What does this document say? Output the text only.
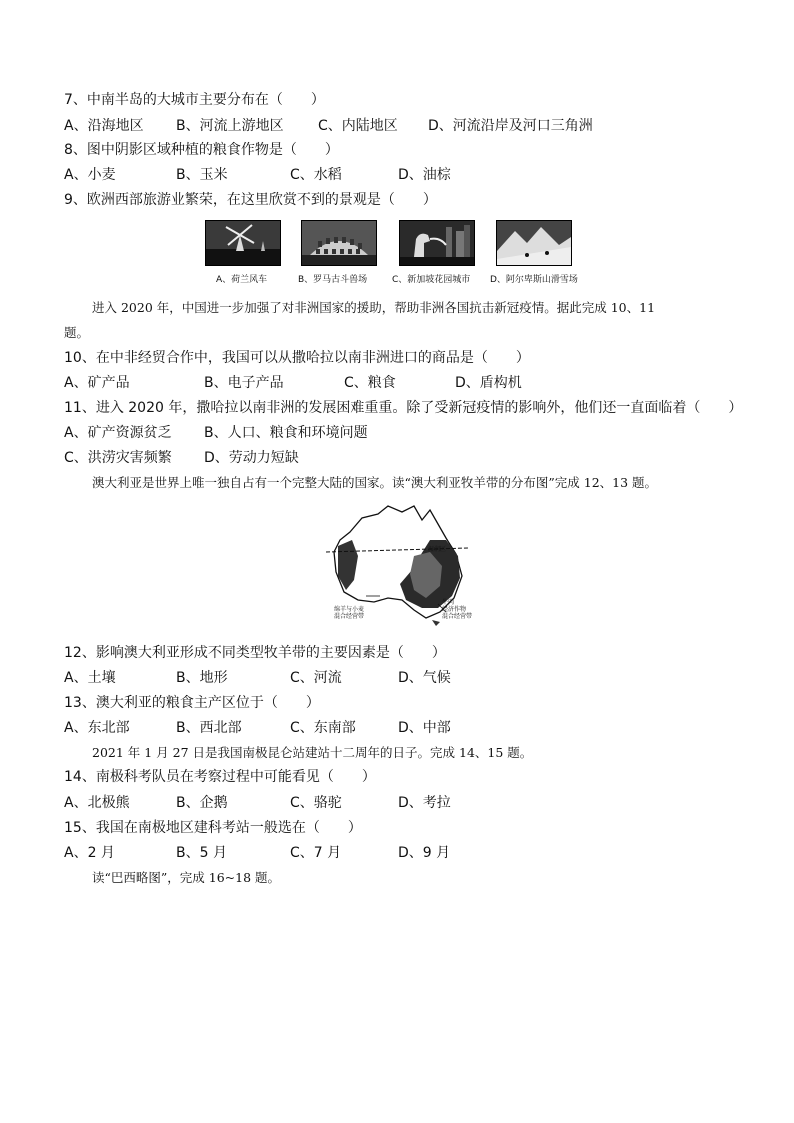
7、中南半岛的大城市主要分布在（　　）
A、沿海地区 B、河流上游地区 C、内陆地区 D、河流沿岸及河口三角洲
8、图中阴影区域种植的粮食作物是（　　）
A、小麦	B、玉米	C、水稻	D、油棕
9、欧洲西部旅游业繁荣，在这里欣赏不到的景观是（　　）
A、荷兰风车	B、罗马古斗兽场	C、新加坡花园城市 D、阿尔卑斯山滑雪场
进入 2020 年，中国进一步加强了对非洲国家的援助，帮助非洲各国抗击新冠疫情。据此完成 10、11
题。
10、在中非经贸合作中，我国可以从撒哈拉以南非洲进口的商品是（　　）
A、矿产品	B、电子产品	C、粮食	D、盾构机
11、进入 2020 年，撒哈拉以南非洲的发展困难重重。除了受新冠疫情的影响外，他们还一直面临着（　　）
A、矿产资源贫乏 B、人口、粮食和环境问题
C、洪涝灾害频繁 D、劳动力短缺
澳大利亚是世界上唯一独自占有一个完整大陆的国家。读“澳大利亚牧羊带的分布图”完成 12、13 题。
湿润区
绵羊与小麦
混合经营带
牛肉
经济作物
混合经营带
12、影响澳大利亚形成不同类型牧羊带的主要因素是（　　）
A、土壤	B、地形	C、河流	D、气候
13、澳大利亚的粮食主产区位于（　　）
A、东北部	B、西北部	C、东南部	D、中部
2021 年 1 月 27 日是我国南极昆仑站建站十二周年的日子。完成 14、15 题。
14、南极科考队员在考察过程中可能看见（　　）
A、北极熊	B、企鹅	C、骆驼	D、考拉
15、我国在南极地区建科考站一般选在（　　）
A、2 月	B、5 月	C、7 月	D、9 月
读“巴西略图”，完成 16~18 题。
